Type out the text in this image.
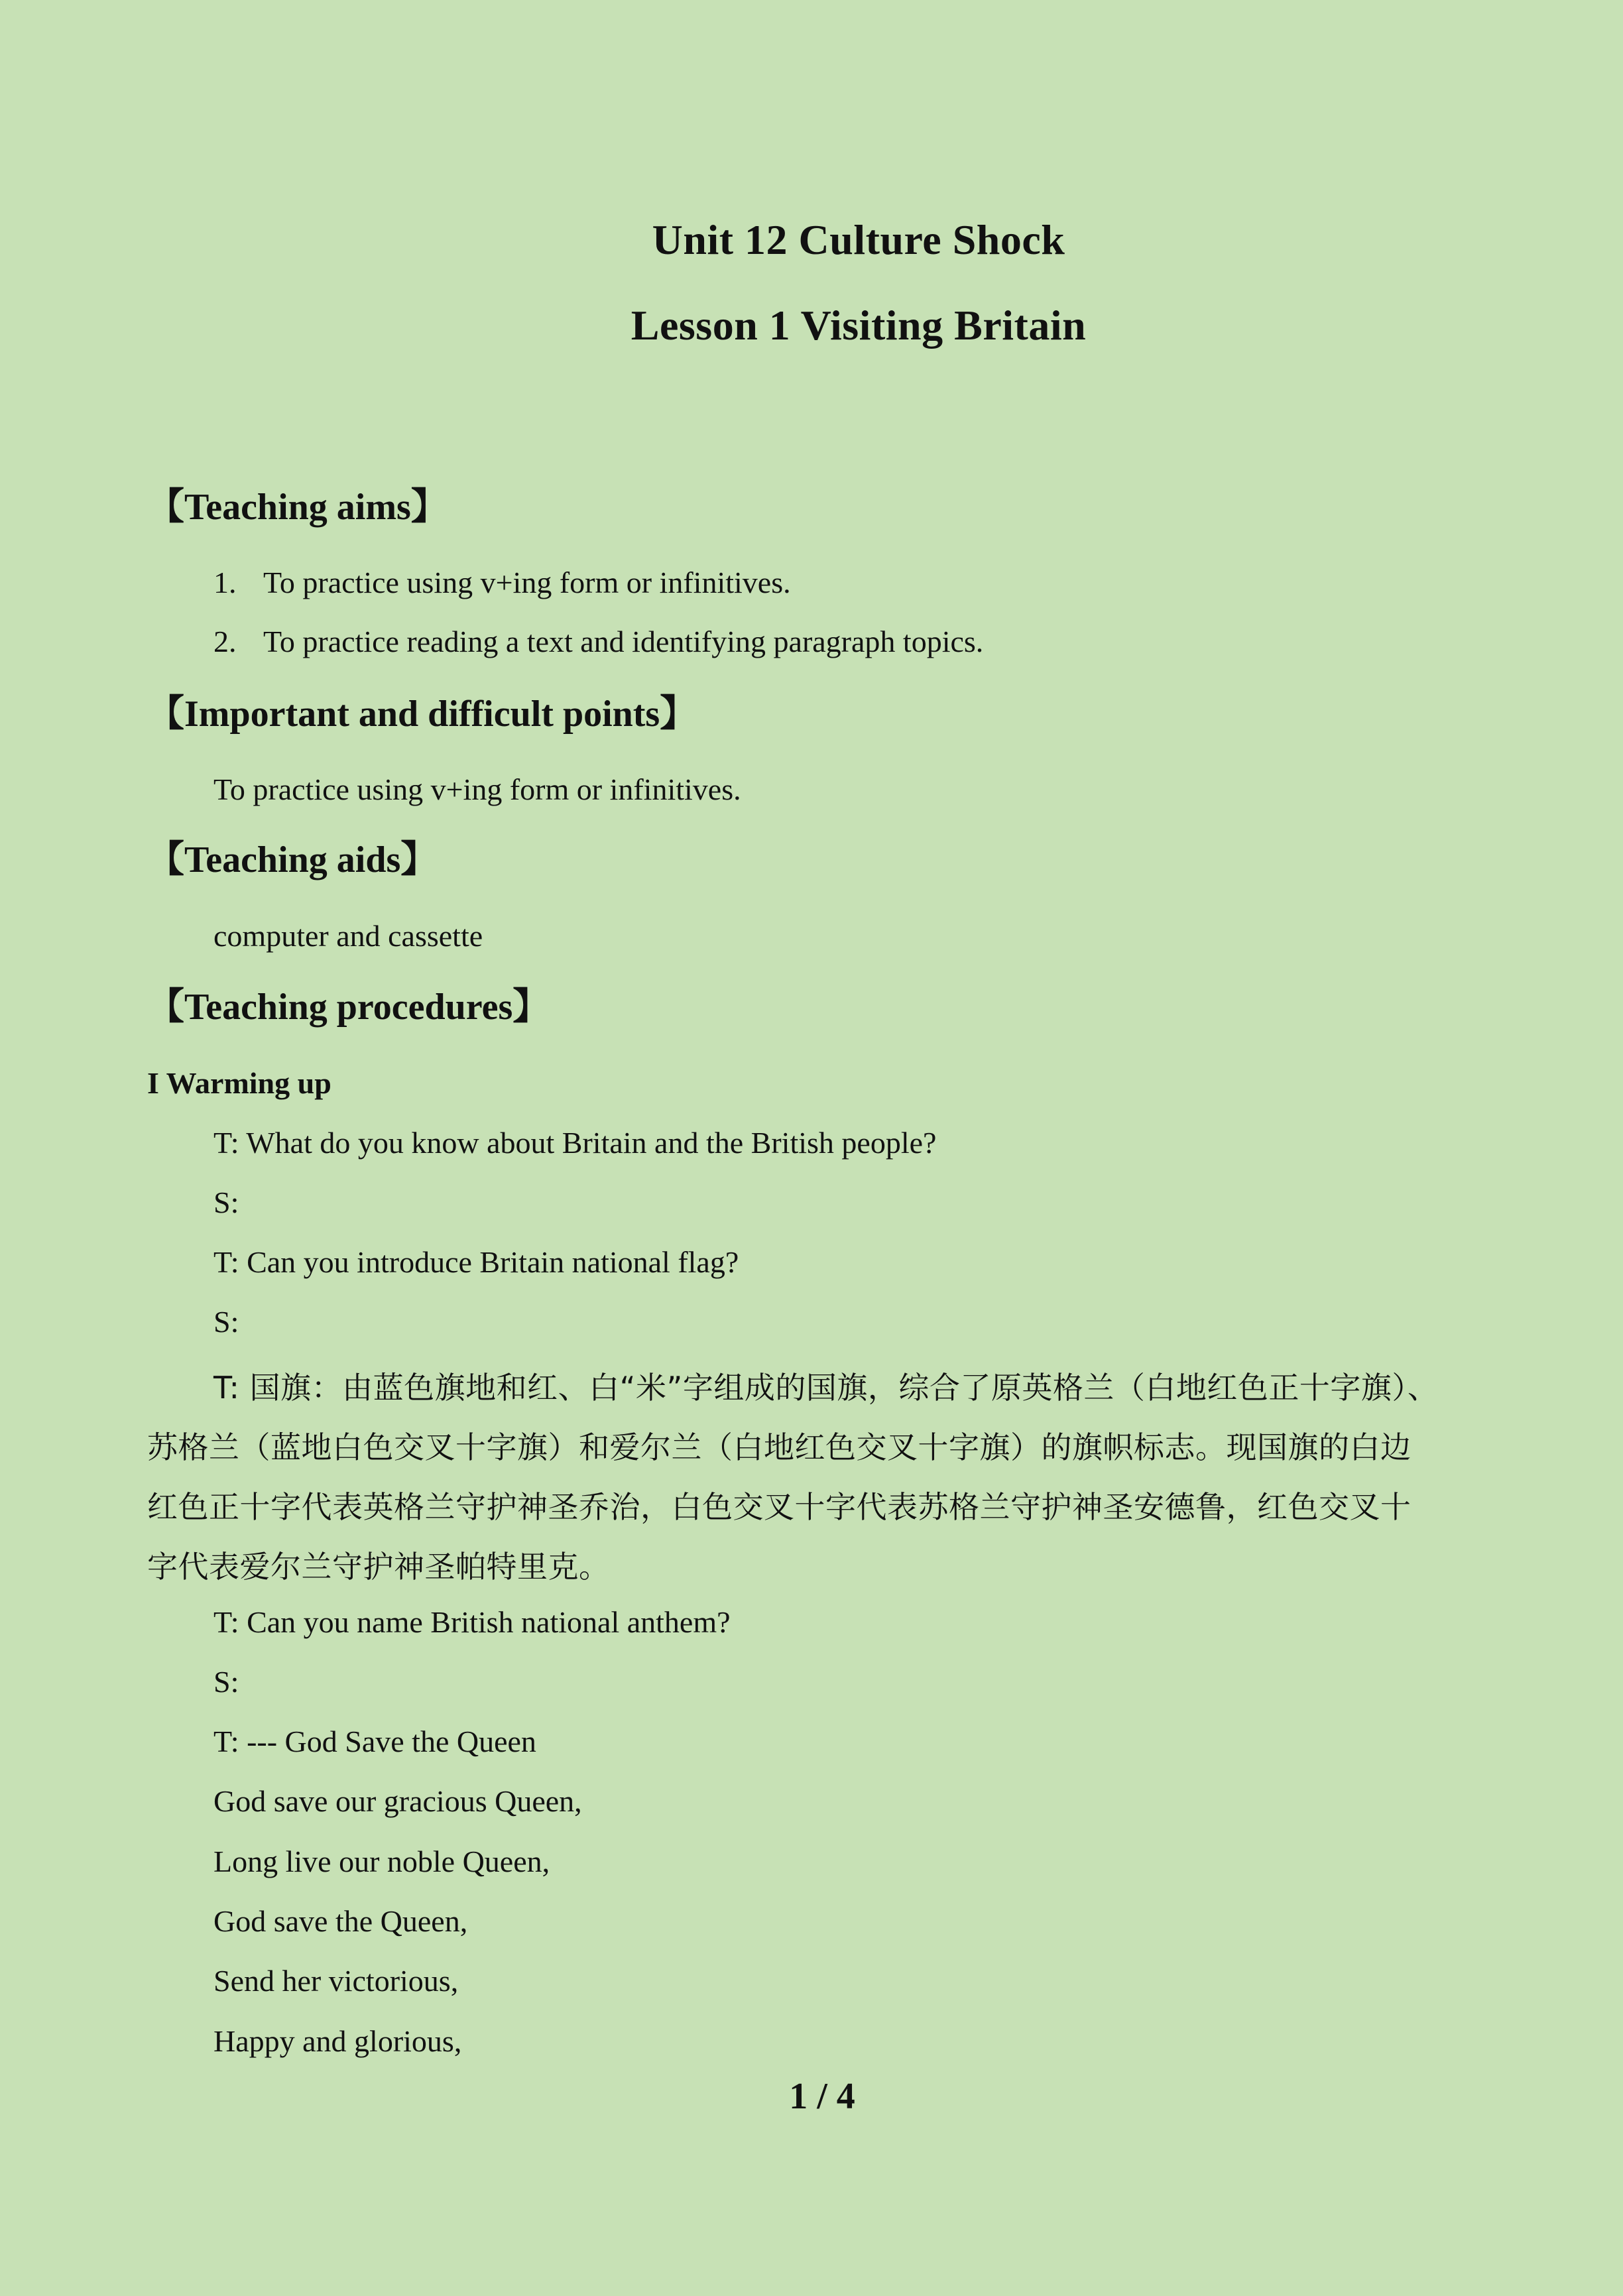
Unit 12 Culture Shock
Lesson 1 Visiting Britain
【Teaching aims】
1. To practice using v+ing form or infinitives.
2. To practice reading a text and identifying paragraph topics.
【Important and difficult points】
To practice using v+ing form or infinitives.
【Teaching aids】
computer and cassette
【Teaching procedures】
I Warming up
T: What do you know about Britain and the British people?
S:
T: Can you introduce Britain national flag?
S:
T: 国旗：由蓝色旗地和红、白“米”字组成的国旗，综合了原英格兰（白地红色正十字旗）、
苏格兰（蓝地白色交叉十字旗）和爱尔兰（白地红色交叉十字旗）的旗帜标志。现国旗的白边
红色正十字代表英格兰守护神圣乔治，白色交叉十字代表苏格兰守护神圣安德鲁，红色交叉十
字代表爱尔兰守护神圣帕特里克。
T: Can you name British national anthem?
S:
T: --- God Save the Queen
God save our gracious Queen,
Long live our noble Queen,
God save the Queen,
Send her victorious,
Happy and glorious,
1 / 4
